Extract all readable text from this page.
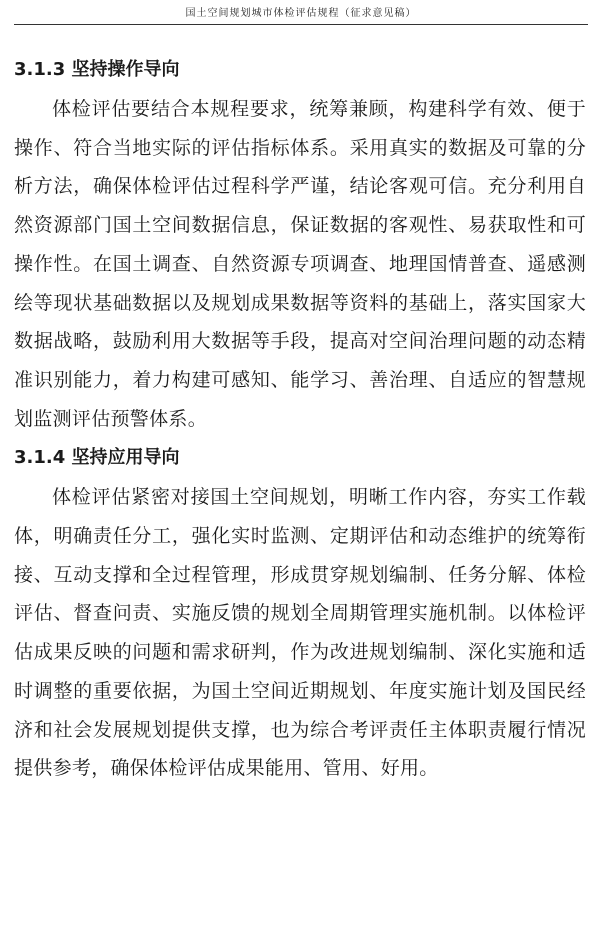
国土空间规划城市体检评估规程（征求意见稿）
3.1.3 坚持操作导向

体检评估要结合本规程要求，统筹兼顾，构建科学有效、便于操作、符合当地实际的评估指标体系。采用真实的数据及可靠的分析方法，确保体检评估过程科学严谨，结论客观可信。充分利用自然资源部门国土空间数据信息，保证数据的客观性、易获取性和可操作性。在国土调查、自然资源专项调查、地理国情普查、遥感测绘等现状基础数据以及规划成果数据等资料的基础上，落实国家大数据战略，鼓励利用大数据等手段，提高对空间治理问题的动态精准识别能力，着力构建可感知、能学习、善治理、自适应的智慧规划监测评估预警体系。

3.1.4 坚持应用导向

体检评估紧密对接国土空间规划，明晰工作内容，夯实工作载体，明确责任分工，强化实时监测、定期评估和动态维护的统筹衔接、互动支撑和全过程管理，形成贯穿规划编制、任务分解、体检评估、督查问责、实施反馈的规划全周期管理实施机制。以体检评估成果反映的问题和需求研判，作为改进规划编制、深化实施和适时调整的重要依据，为国土空间近期规划、年度实施计划及国民经济和社会发展规划提供支撑，也为综合考评责任主体职责履行情况提供参考，确保体检评估成果能用、管用、好用。
